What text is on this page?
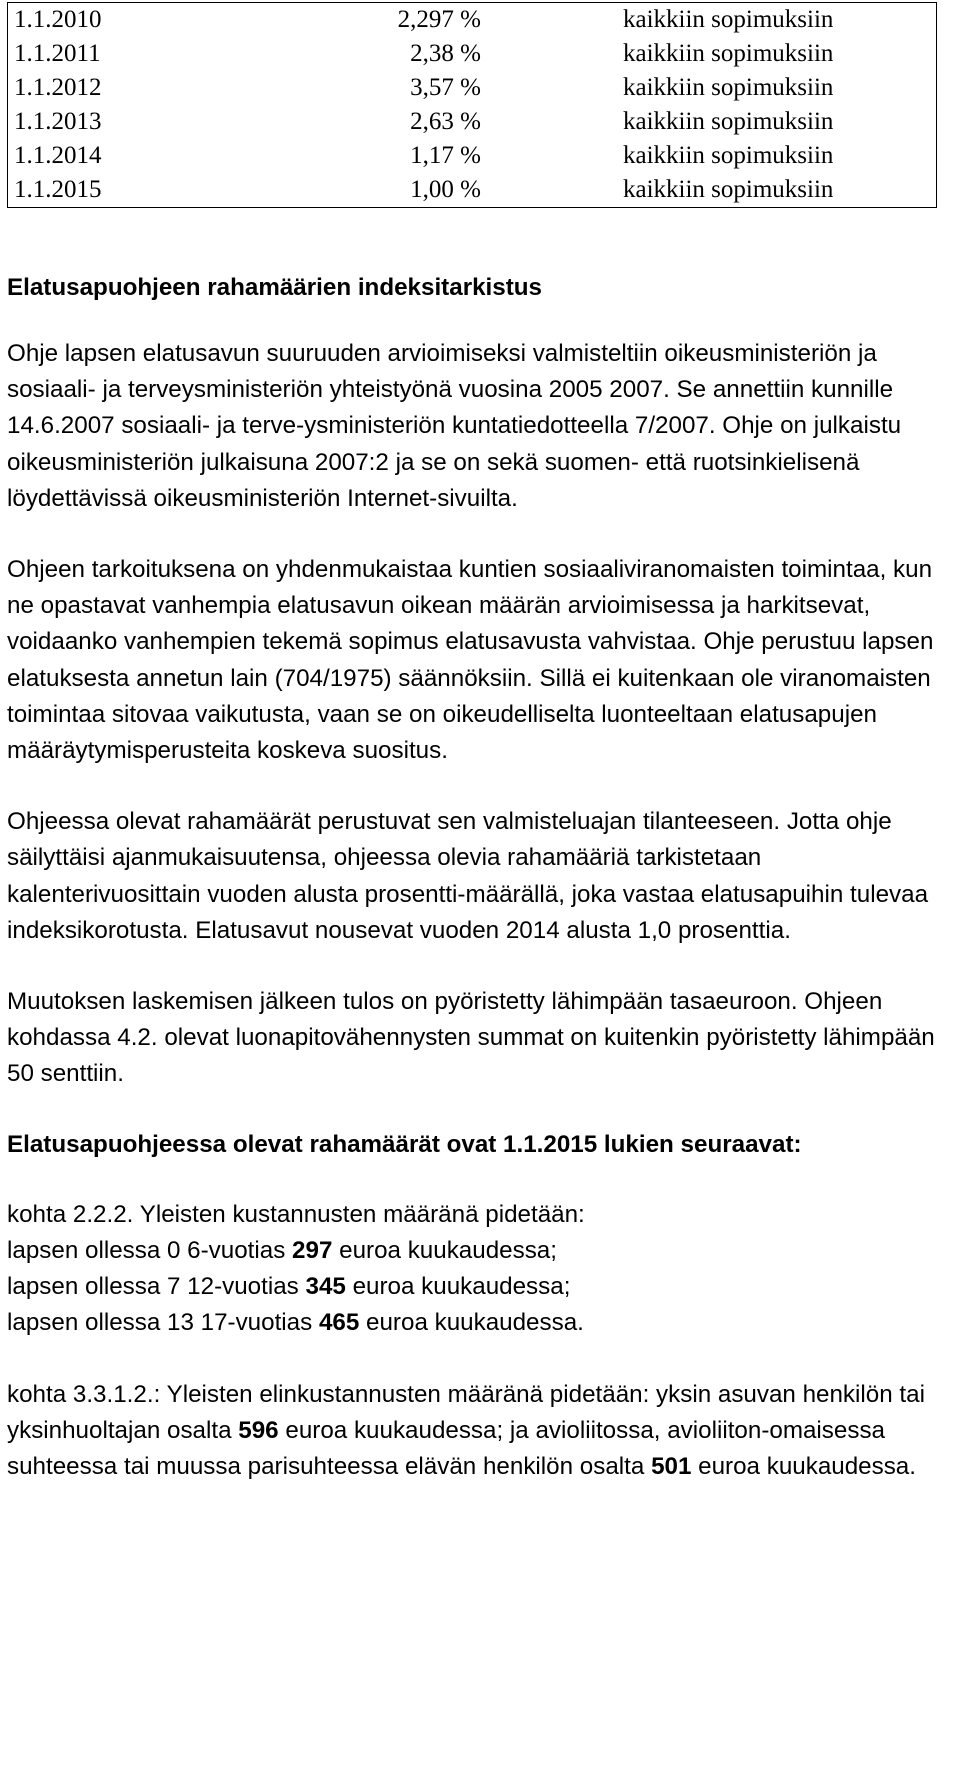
1.1.2010	2,297 %	kaikkiin sopimuksiin
1.1.2011	2,38 %	kaikkiin sopimuksiin
1.1.2012	3,57 %	kaikkiin sopimuksiin
1.1.2013	2,63 %	kaikkiin sopimuksiin
1.1.2014	1,17 %	kaikkiin sopimuksiin
1.1.2015	1,00 %	kaikkiin sopimuksiin
Elatusapuohjeen rahamäärien indeksitarkistus

Ohje lapsen elatusavun suuruuden arvioimiseksi valmisteltiin oikeusministeriön ja sosiaali- ja terveysministeriön yhteistyönä vuosina 2005 2007. Se annettiin kunnille 14.6.2007 sosiaali- ja terve-ysministeriön kuntatiedotteella 7/2007. Ohje on julkaistu oikeusministeriön julkaisuna 2007:2 ja se on sekä suomen- että ruotsinkielisenä löydettävissä oikeusministeriön Internet-sivuilta.

Ohjeen tarkoituksena on yhdenmukaistaa kuntien sosiaaliviranomaisten toimintaa, kun ne opastavat vanhempia elatusavun oikean määrän arvioimisessa ja harkitsevat, voidaanko vanhempien tekemä sopimus elatusavusta vahvistaa. Ohje perustuu lapsen elatuksesta annetun lain (704/1975) säännöksiin. Sillä ei kuitenkaan ole viranomaisten toimintaa sitovaa vaikutusta, vaan se on oikeudelliselta luonteeltaan elatusapujen määräytymisperusteita koskeva suositus.

Ohjeessa olevat rahamäärät perustuvat sen valmisteluajan tilanteeseen. Jotta ohje säilyttäisi ajanmukaisuutensa, ohjeessa olevia rahamääriä tarkistetaan kalenterivuosittain vuoden alusta prosentti-määrällä, joka vastaa elatusapuihin tulevaa indeksikorotusta. Elatusavut nousevat vuoden 2014 alusta 1,0 prosenttia.

Muutoksen laskemisen jälkeen tulos on pyöristetty lähimpään tasaeuroon. Ohjeen kohdassa 4.2. olevat luonapitovähennysten summat on kuitenkin pyöristetty lähimpään 50 senttiin.

Elatusapuohjeessa olevat rahamäärät ovat 1.1.2015 lukien seuraavat:

kohta 2.2.2. Yleisten kustannusten määränä pidetään:
lapsen ollessa 0 6-vuotias 297 euroa kuukaudessa;
lapsen ollessa 7 12-vuotias 345 euroa kuukaudessa;
lapsen ollessa 13 17-vuotias 465 euroa kuukaudessa.

kohta 3.3.1.2.: Yleisten elinkustannusten määränä pidetään: yksin asuvan henkilön tai yksinhuoltajan osalta 596 euroa kuukaudessa; ja avioliitossa, avioliiton-omaisessa suhteessa tai muussa parisuhteessa elävän henkilön osalta 501 euroa kuukaudessa.
